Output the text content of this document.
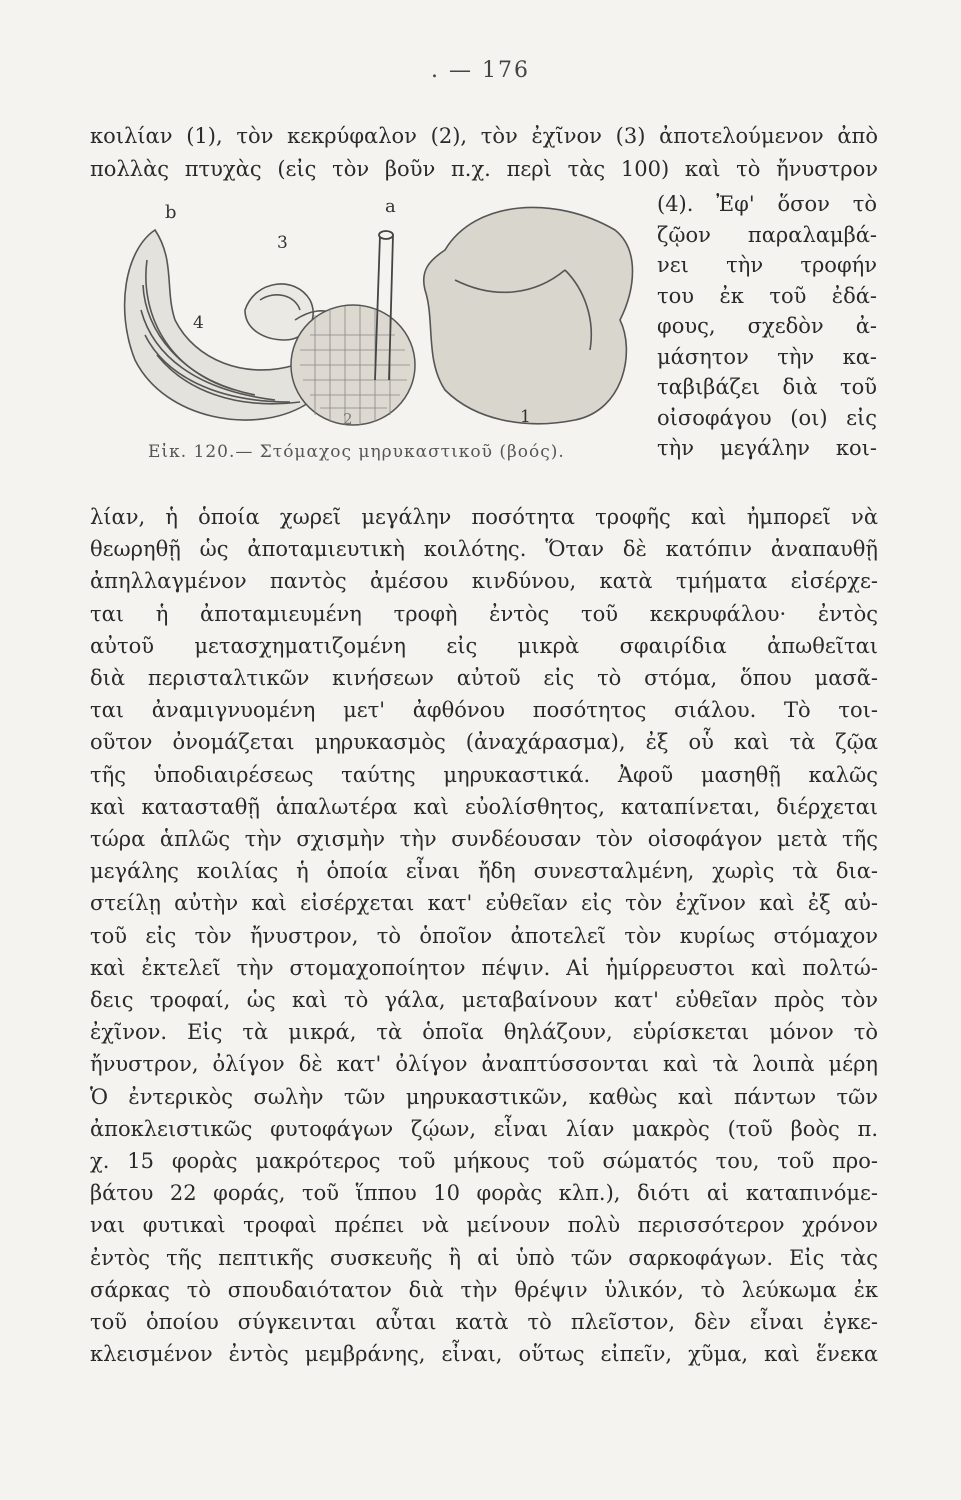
. — 176
κοιλίαν (1), τὸν κεκρύφαλον (2), τὸν ἐχῖνον (3) ἀποτελούμενον ἀπὸ
πολλὰς πτυχὰς (εἰς τὸν βοῦν π.χ. περὶ τὰς 100) καὶ τὸ ἤνυστρον
(4). Ἐφ' ὅσον τὸ
ζῷον παραλαμβά-
νει τὴν τροφήν
του ἐκ τοῦ ἐδά-
φους, σχεδὸν ἀ-
μάσητον τὴν κα-
ταβιβάζει διὰ τοῦ
οἰσοφάγου (οι) εἰς
τὴν μεγάλην κοι-
λίαν, ἡ ὁποία χωρεῖ μεγάλην ποσότητα τροφῆς καὶ ἠμπορεῖ νὰ
θεωρηθῇ ὡς ἀποταμιευτικὴ κοιλότης. Ὅταν δὲ κατόπιν ἀναπαυθῇ
ἀπηλλαγμένον παντὸς ἀμέσου κινδύνου, κατὰ τμήματα εἰσέρχε-
ται ἡ ἀποταμιευμένη τροφὴ ἐντὸς τοῦ κεκρυφάλου· ἐντὸς
αὐτοῦ μετασχηματιζομένη εἰς μικρὰ σφαιρίδια ἀπωθεῖται
διὰ περισταλτικῶν κινήσεων αὐτοῦ εἰς τὸ στόμα, ὅπου μασᾶ-
ται ἀναμιγνυομένη μετ' ἀφθόνου ποσότητος σιάλου. Τὸ τοι-
οῦτον ὀνομάζεται μηρυκασμὸς (ἀναχάρασμα), ἐξ οὗ καὶ τὰ ζῷα
τῆς ὑποδιαιρέσεως ταύτης μηρυκαστικά. Ἀφοῦ μασηθῇ καλῶς
καὶ κατασταθῇ ἁπαλωτέρα καὶ εὐολίσθητος, καταπίνεται, διέρχεται
τώρα ἁπλῶς τὴν σχισμὴν τὴν συνδέουσαν τὸν οἰσοφάγον μετὰ τῆς
μεγάλης κοιλίας ἡ ὁποία εἶναι ἤδη συνεσταλμένη, χωρὶς τὰ δια-
στείλῃ αὐτὴν καὶ εἰσέρχεται κατ' εὐθεῖαν εἰς τὸν ἐχῖνον καὶ ἐξ αὐ-
τοῦ εἰς τὸν ἤνυστρον, τὸ ὁποῖον ἀποτελεῖ τὸν κυρίως στόμαχον
καὶ ἐκτελεῖ τὴν στομαχοποίητον πέψιν. Αἱ ἡμίρρευστοι καὶ πολτώ-
δεις τροφαί, ὡς καὶ τὸ γάλα, μεταβαίνουν κατ' εὐθεῖαν πρὸς τὸν
ἐχῖνον. Εἰς τὰ μικρά, τὰ ὁποῖα θηλάζουν, εὑρίσκεται μόνον τὸ
ἤνυστρον, ὀλίγον δὲ κατ' ὀλίγον ἀναπτύσσονται καὶ τὰ λοιπὰ μέρη
Ὁ ἐντερικὸς σωλὴν τῶν μηρυκαστικῶν, καθὼς καὶ πάντων τῶν
ἀποκλειστικῶς φυτοφάγων ζῴων, εἶναι λίαν μακρὸς (τοῦ βοὸς π.
χ. 15 φορὰς μακρότερος τοῦ μήκους τοῦ σώματός του, τοῦ προ-
βάτου 22 φοράς, τοῦ ἵππου 10 φορὰς κλπ.), διότι αἱ καταπινόμε-
ναι φυτικαὶ τροφαὶ πρέπει νὰ μείνουν πολὺ περισσότερον χρόνον
ἐντὸς τῆς πεπτικῆς συσκευῆς ἢ αἱ ὑπὸ τῶν σαρκοφάγων. Εἰς τὰς
σάρκας τὸ σπουδαιότατον διὰ τὴν θρέψιν ὑλικόν, τὸ λεύκωμα ἐκ
τοῦ ὁποίου σύγκεινται αὗται κατὰ τὸ πλεῖστον, δὲν εἶναι ἐγκε-
κλεισμένον ἐντὸς μεμβράνης, εἶναι, οὕτως εἰπεῖν, χῦμα, καὶ ἕνεκα
b	a
3
4
2	1
Εἰκ. 120.— Στόμαχος μηρυκαστικοῦ (βοός).
